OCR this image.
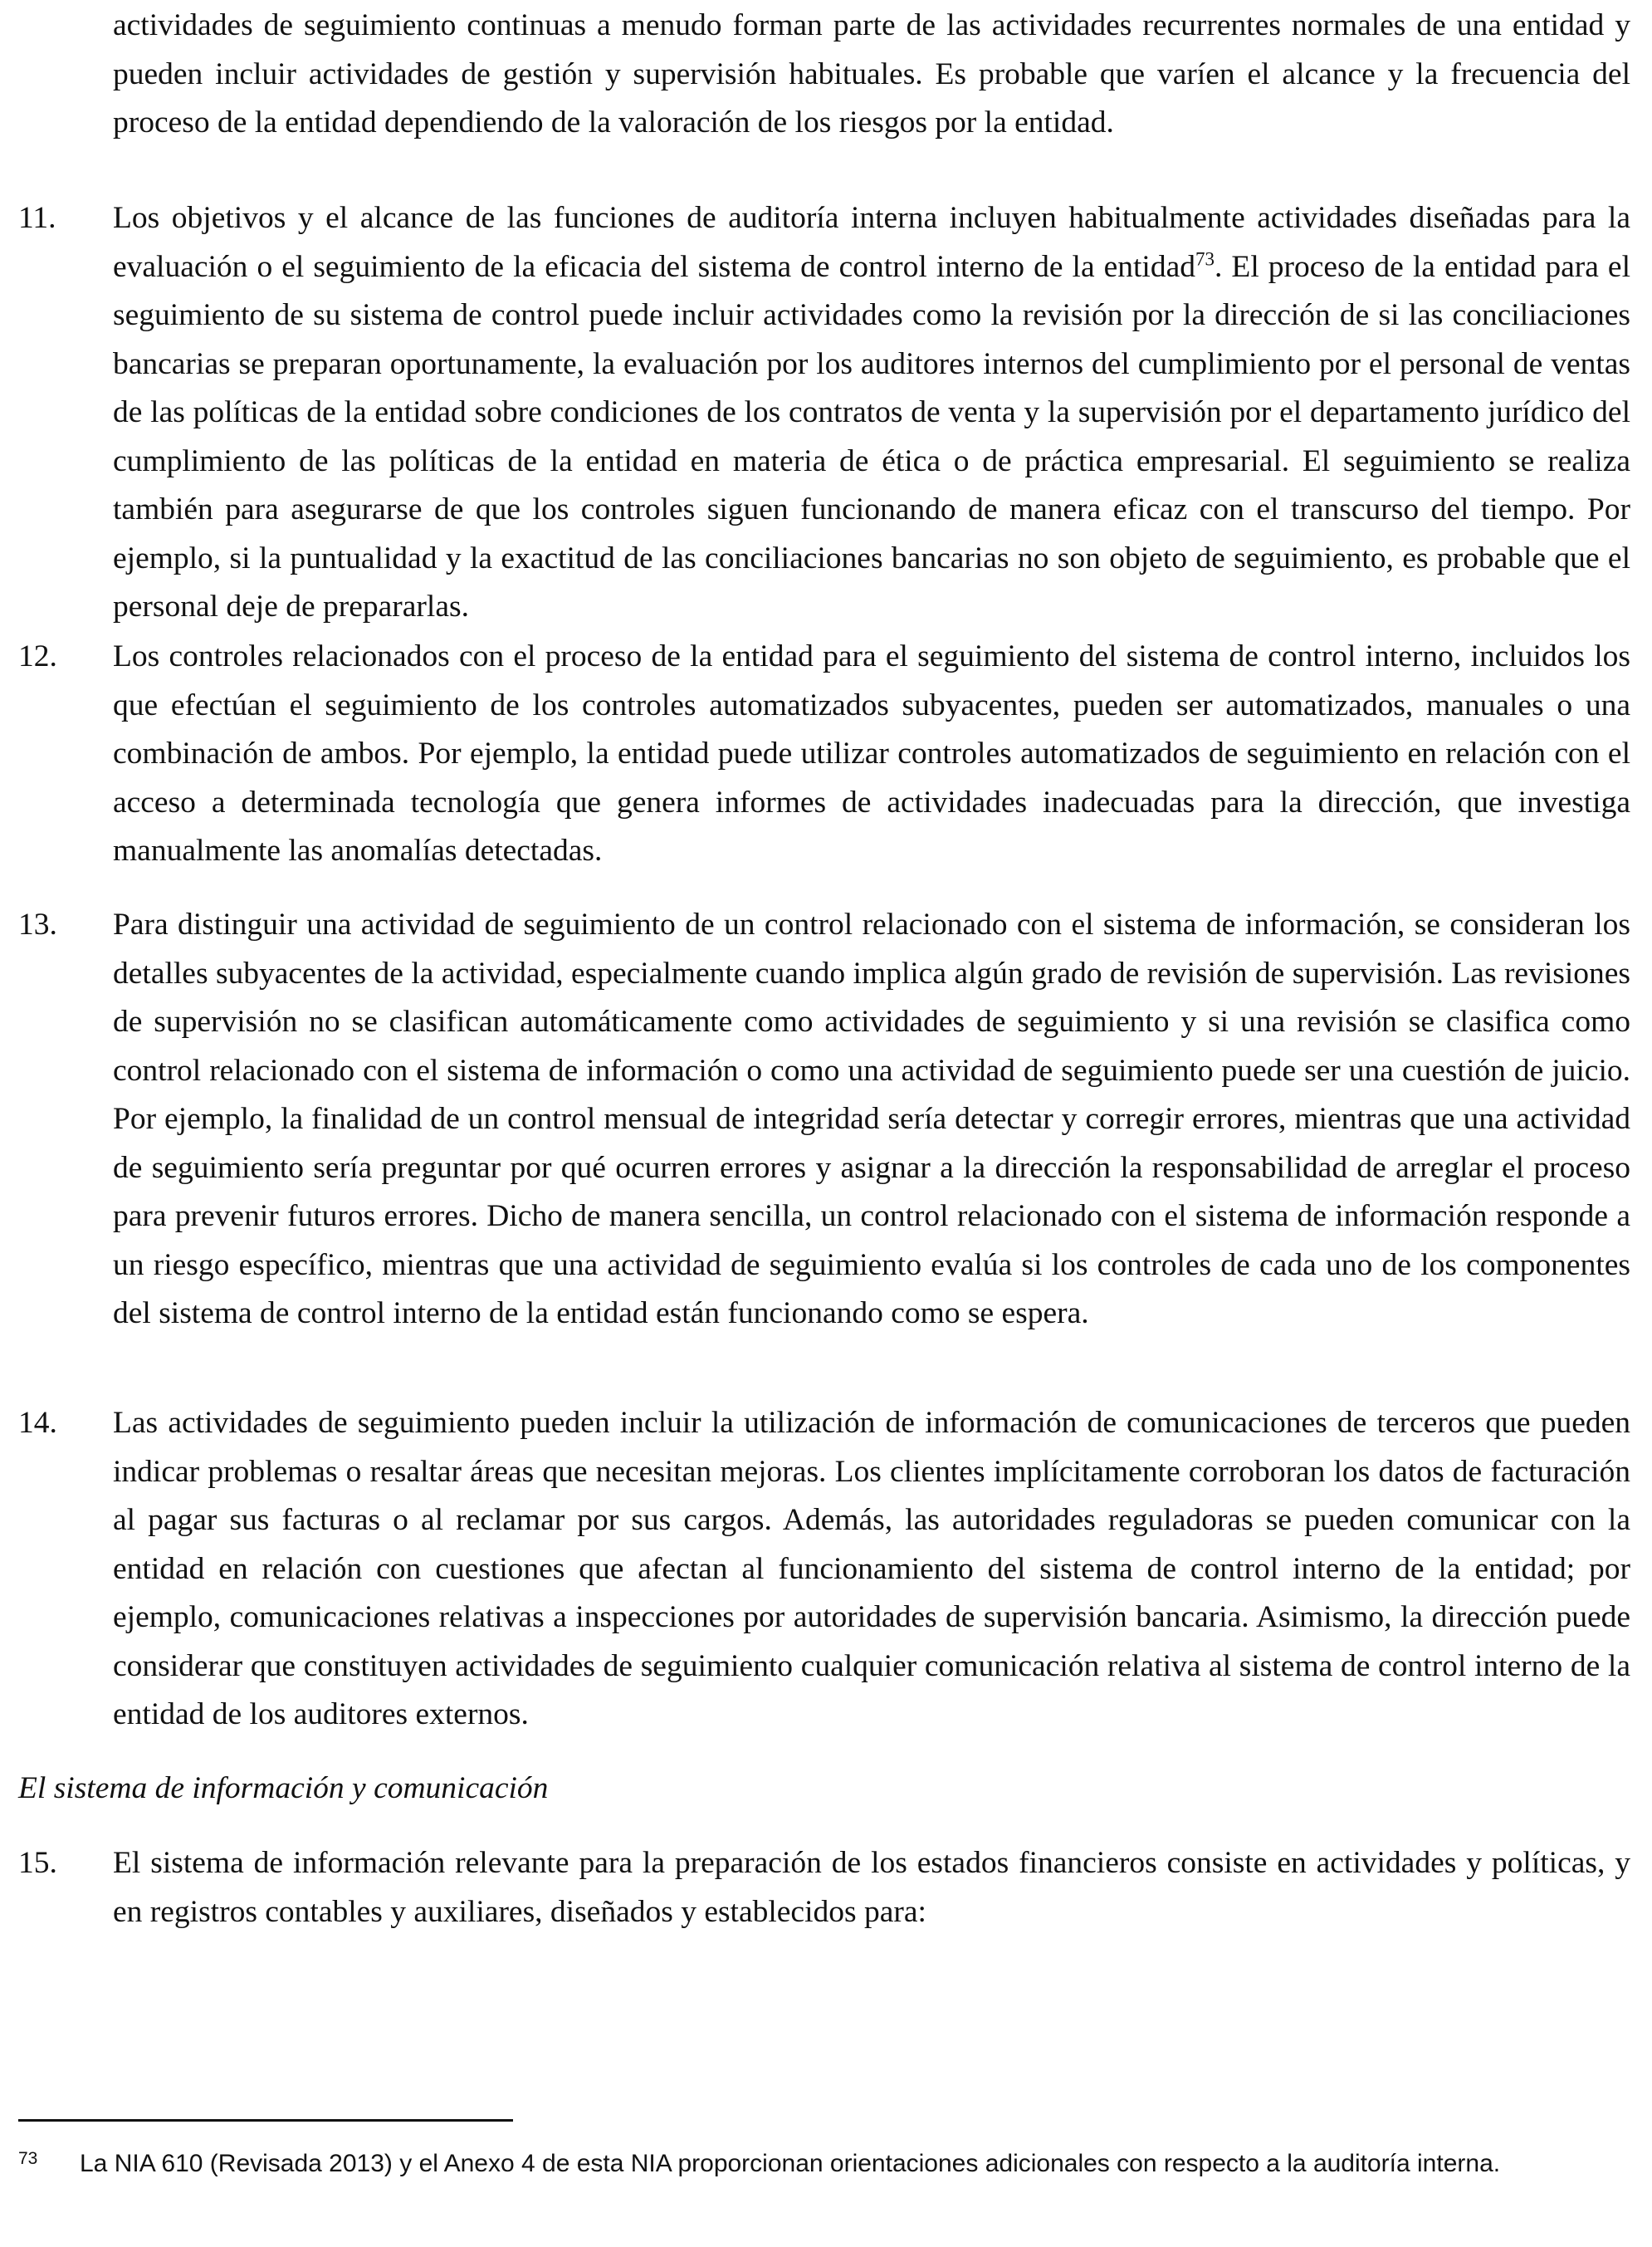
actividades de seguimiento continuas a menudo forman parte de las actividades recurrentes normales de una entidad y pueden incluir actividades de gestión y supervisión habituales. Es probable que varíen el alcance y la frecuencia del proceso de la entidad dependiendo de la valoración de los riesgos por la entidad.

11.	Los objetivos y el alcance de las funciones de auditoría interna incluyen habitualmente actividades diseñadas para la evaluación o el seguimiento de la eficacia del sistema de control interno de la entidad$^{73}$. El proceso de la entidad para el seguimiento de su sistema de control puede incluir actividades como la revisión por la dirección de si las conciliaciones bancarias se preparan oportunamente, la evaluación por los auditores internos del cumplimiento por el personal de ventas de las políticas de la entidad sobre condiciones de los contratos de venta y la supervisión por el departamento jurídico del cumplimiento de las políticas de la entidad en materia de ética o de práctica empresarial. El seguimiento se realiza también para asegurarse de que los controles siguen funcionando de manera eficaz con el transcurso del tiempo. Por ejemplo, si la puntualidad y la exactitud de las conciliaciones bancarias no son objeto de seguimiento, es probable que el personal deje de prepararlas.

12.	Los controles relacionados con el proceso de la entidad para el seguimiento del sistema de control interno, incluidos los que efectúan el seguimiento de los controles automatizados subyacentes, pueden ser automatizados, manuales o una combinación de ambos. Por ejemplo, la entidad puede utilizar controles automatizados de seguimiento en relación con el acceso a determinada tecnología que genera informes de actividades inadecuadas para la dirección, que investiga manualmente las anomalías detectadas.

13.	Para distinguir una actividad de seguimiento de un control relacionado con el sistema de información, se consideran los detalles subyacentes de la actividad, especialmente cuando implica algún grado de revisión de supervisión. Las revisiones de supervisión no se clasifican automáticamente como actividades de seguimiento y si una revisión se clasifica como control relacionado con el sistema de información o como una actividad de seguimiento puede ser una cuestión de juicio. Por ejemplo, la finalidad de un control mensual de integridad sería detectar y corregir errores, mientras que una actividad de seguimiento sería preguntar por qué ocurren errores y asignar a la dirección la responsabilidad de arreglar el proceso para prevenir futuros errores. Dicho de manera sencilla, un control relacionado con el sistema de información responde a un riesgo específico, mientras que una actividad de seguimiento evalúa si los controles de cada uno de los componentes del sistema de control interno de la entidad están funcionando como se espera.

14.	Las actividades de seguimiento pueden incluir la utilización de información de comunicaciones de terceros que pueden indicar problemas o resaltar áreas que necesitan mejoras. Los clientes implícitamente corroboran los datos de facturación al pagar sus facturas o al reclamar por sus cargos. Además, las autoridades reguladoras se pueden comunicar con la entidad en relación con cuestiones que afectan al funcionamiento del sistema de control interno de la entidad; por ejemplo, comunicaciones relativas a inspecciones por autoridades de supervisión bancaria. Asimismo, la dirección puede considerar que constituyen actividades de seguimiento cualquier comunicación relativa al sistema de control interno de la entidad de los auditores externos.

El sistema de información y comunicación
15.	El sistema de información relevante para la preparación de los estados financieros consiste en actividades y políticas, y en registros contables y auxiliares, diseñados y establecidos para:

73 La NIA 610 (Revisada 2013) y el Anexo 4 de esta NIA proporcionan orientaciones adicionales con respecto a la auditoría interna.
